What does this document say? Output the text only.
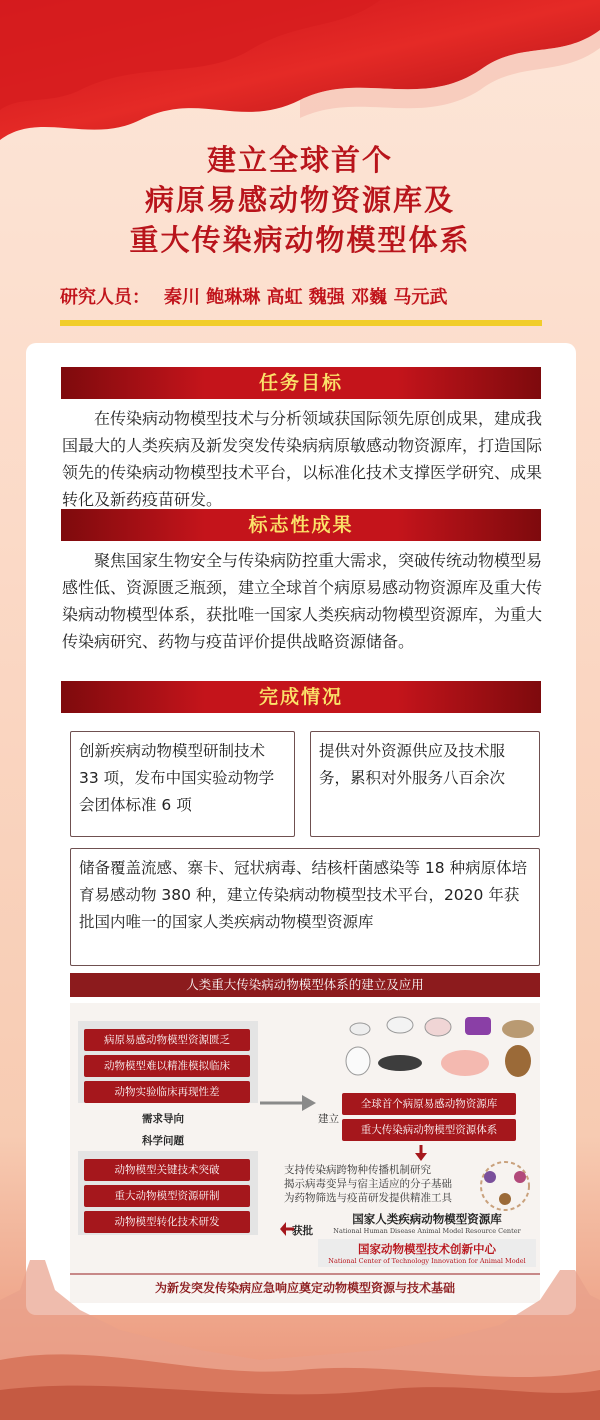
建立全球首个
病原易感动物资源库及
重大传染病动物模型体系
研究人员： 秦川 鲍琳琳 高虹 魏强 邓巍 马元武
任务目标

在传染病动物模型技术与分析领域获国际领先原创成果，建成我国最大的人类疾病及新发突发传染病病原敏感动物资源库，打造国际领先的传染病动物模型技术平台，以标准化技术支撑医学研究、成果转化及新药疫苗研发。

标志性成果

聚焦国家生物安全与传染病防控重大需求，突破传统动物模型易感性低、资源匮乏瓶颈，建立全球首个病原易感动物资源库及重大传染病动物模型体系，获批唯一国家人类疾病动物模型资源库，为重大传染病研究、药物与疫苗评价提供战略资源储备。

完成情况
创新疾病动物模型研制技术 33 项，发布中国实验动物学会团体标准 6 项
提供对外资源供应及技术服务，累积对外服务八百余次
储备覆盖流感、寨卡、冠状病毒、结核杆菌感染等 18 种病原体培育易感动物 380 种，建立传染病动物模型技术平台，2020 年获批国内唯一的国家人类疾病动物模型资源库
人类重大传染病动物模型体系的建立及应用
病原易感动物模型资源匮乏
动物模型难以精准模拟临床
动物实验临床再现性差
需求导向
科学问题
动物模型关键技术突破
重大动物模型资源研制
动物模型转化技术研发
建立
全球首个病原易感动物资源库
重大传染病动物模型资源体系
支持传染病跨物种传播机制研究
揭示病毒变异与宿主适应的分子基础
为药物筛选与疫苗研发提供精准工具
获批
国家人类疾病动物模型资源库
National Human Disease Animal Model Resource Center
国家动物模型技术创新中心
National Center of Technology Innovation for Animal Model
为新发突发传染病应急响应奠定动物模型资源与技术基础
